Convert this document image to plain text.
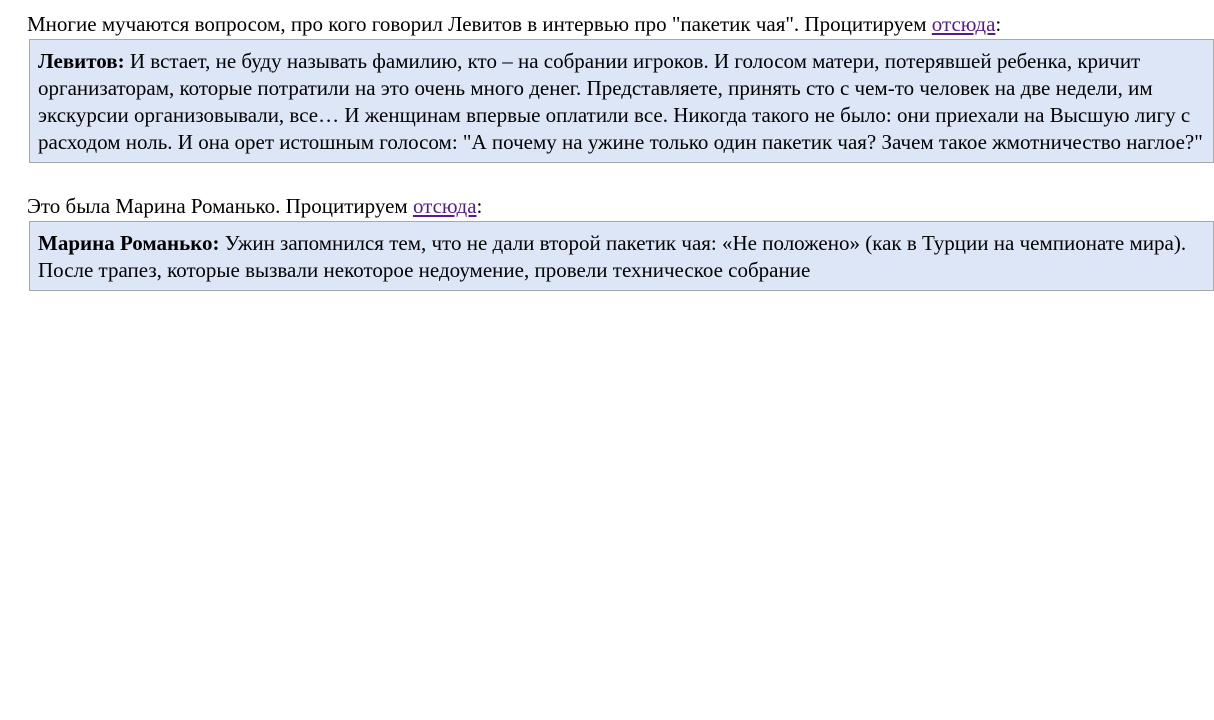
Многие мучаются вопросом, про кого говорил Левитов в интервью про "пакетик чая". Процитируем отсюда:

Левитов: И встает, не буду называть фамилию, кто – на собрании игроков. И голосом матери, потерявшей ребенка, кричит организаторам, которые потратили на это очень много денег. Представляете, принять сто с чем-то человек на две недели, им экскурсии организовывали, все… И женщинам впервые оплатили все. Никогда такого не было: они приехали на Высшую лигу с расходом ноль. И она орет истошным голосом: "А почему на ужине только один пакетик чая? Зачем такое жмотничество наглое?"

Это была Марина Романько. Процитируем отсюда:

Марина Романько: Ужин запомнился тем, что не дали второй пакетик чая: «Не положено» (как в Турции на чемпионате мира). После трапез, которые вызвали некоторое недоумение, провели техническое собрание
